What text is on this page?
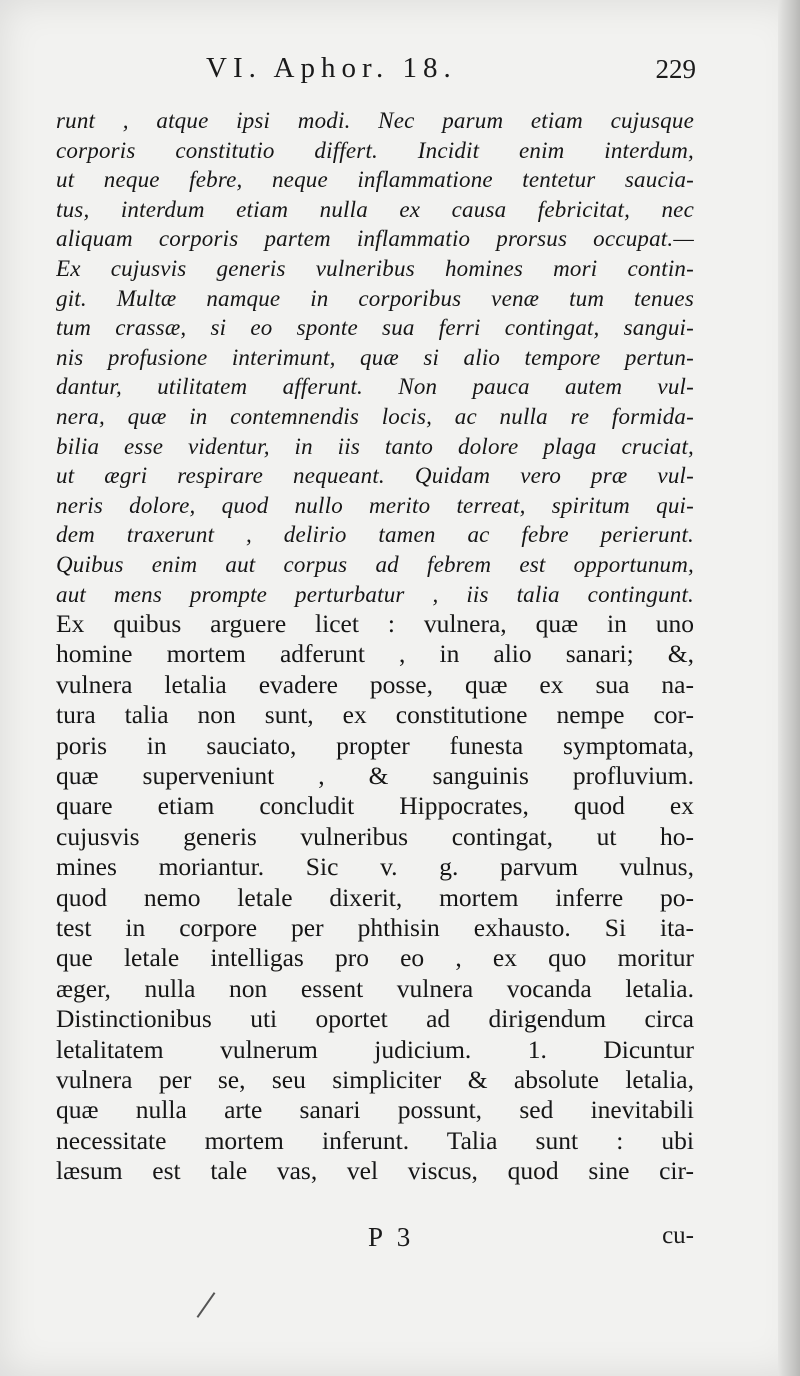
VI. Aphor. 18.	229
runt , atque ipsi modi. Nec parum etiam cujusque
corporis constitutio differt. Incidit enim interdum,
ut neque febre, neque inflammatione tentetur saucia-
tus, interdum etiam nulla ex causa febricitat, nec
aliquam corporis partem inflammatio prorsus occupat.—
Ex cujusvis generis vulneribus homines mori contin-
git. Multæ namque in corporibus venæ tum tenues
tum crassæ, si eo sponte sua ferri contingat, sangui-
nis profusione interimunt, quæ si alio tempore pertun-
dantur, utilitatem afferunt. Non pauca autem vul-
nera, quæ in contemnendis locis, ac nulla re formida-
bilia esse videntur, in iis tanto dolore plaga cruciat,
ut ægri respirare nequeant. Quidam vero præ vul-
neris dolore, quod nullo merito terreat, spiritum qui-
dem traxerunt , delirio tamen ac febre perierunt.
Quibus enim aut corpus ad febrem est opportunum,
aut mens prompte perturbatur , iis talia contingunt.
Ex quibus arguere licet : vulnera, quæ in uno
homine mortem adferunt , in alio sanari; &,
vulnera letalia evadere posse, quæ ex sua na-
tura talia non sunt, ex constitutione nempe cor-
poris in sauciato, propter funesta symptomata,
quæ superveniunt , & sanguinis profluvium.
quare etiam concludit Hippocrates, quod ex
cujusvis generis vulneribus contingat, ut ho-
mines moriantur. Sic v. g. parvum vulnus,
quod nemo letale dixerit, mortem inferre po-
test in corpore per phthisin exhausto. Si ita-
que letale intelligas pro eo , ex quo moritur
æger, nulla non essent vulnera vocanda letalia.
Distinctionibus uti oportet ad dirigendum circa
letalitatem vulnerum judicium. 1. Dicuntur
vulnera per se, seu simpliciter & absolute letalia,
quæ nulla arte sanari possunt, sed inevitabili
necessitate mortem inferunt. Talia sunt : ubi
læsum est tale vas, vel viscus, quod sine cir-
P 3	cu-
